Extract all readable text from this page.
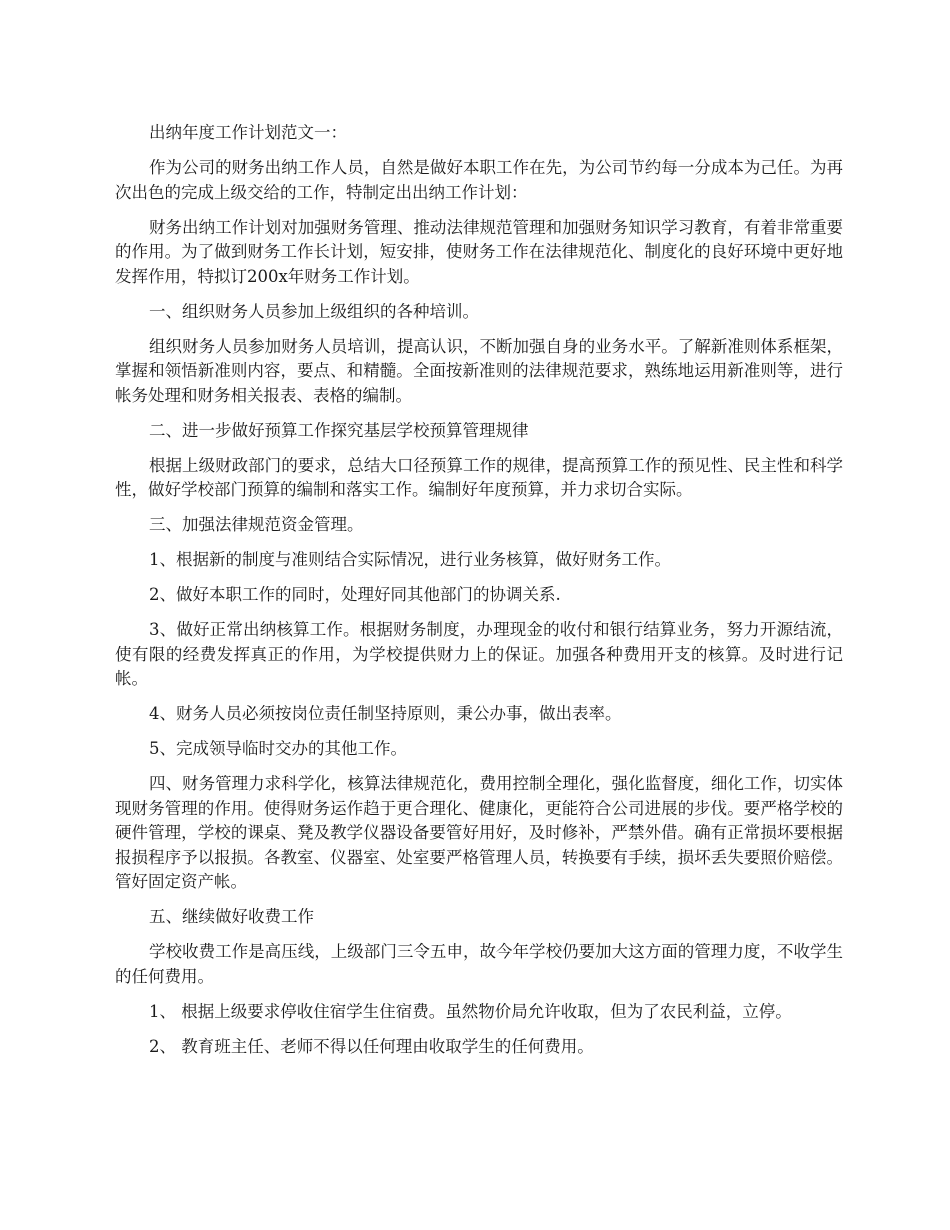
出纳年度工作计划范文一：

作为公司的财务出纳工作人员，自然是做好本职工作在先，为公司节约每一分成本为己任。为再次出色的完成上级交给的工作，特制定出出纳工作计划：

财务出纳工作计划对加强财务管理、推动法律规范管理和加强财务知识学习教育，有着非常重要的作用。为了做到财务工作长计划，短安排，使财务工作在法律规范化、制度化的良好环境中更好地发挥作用，特拟订200x年财务工作计划。

一、组织财务人员参加上级组织的各种培训。

组织财务人员参加财务人员培训，提高认识，不断加强自身的业务水平。了解新准则体系框架，掌握和领悟新准则内容，要点、和精髓。全面按新准则的法律规范要求，熟练地运用新准则等，进行帐务处理和财务相关报表、表格的编制。

二、进一步做好预算工作探究基层学校预算管理规律

根据上级财政部门的要求，总结大口径预算工作的规律，提高预算工作的预见性、民主性和科学性，做好学校部门预算的编制和落实工作。编制好年度预算，并力求切合实际。

三、加强法律规范资金管理。

1、根据新的制度与准则结合实际情况，进行业务核算，做好财务工作。

2、做好本职工作的同时，处理好同其他部门的协调关系.

3、做好正常出纳核算工作。根据财务制度，办理现金的收付和银行结算业务，努力开源结流，使有限的经费发挥真正的作用，为学校提供财力上的保证。加强各种费用开支的核算。及时进行记帐。

4、财务人员必须按岗位责任制坚持原则，秉公办事，做出表率。

5、完成领导临时交办的其他工作。

四、财务管理力求科学化，核算法律规范化，费用控制全理化，强化监督度，细化工作，切实体现财务管理的作用。使得财务运作趋于更合理化、健康化，更能符合公司进展的步伐。要严格学校的硬件管理，学校的课桌、凳及教学仪器设备要管好用好，及时修补，严禁外借。确有正常损坏要根据报损程序予以报损。各教室、仪器室、处室要严格管理人员，转换要有手续，损坏丢失要照价赔偿。管好固定资产帐。

五、继续做好收费工作

学校收费工作是高压线，上级部门三令五申，故今年学校仍要加大这方面的管理力度，不收学生的任何费用。

1、 根据上级要求停收住宿学生住宿费。虽然物价局允许收取，但为了农民利益，立停。

2、 教育班主任、老师不得以任何理由收取学生的任何费用。
